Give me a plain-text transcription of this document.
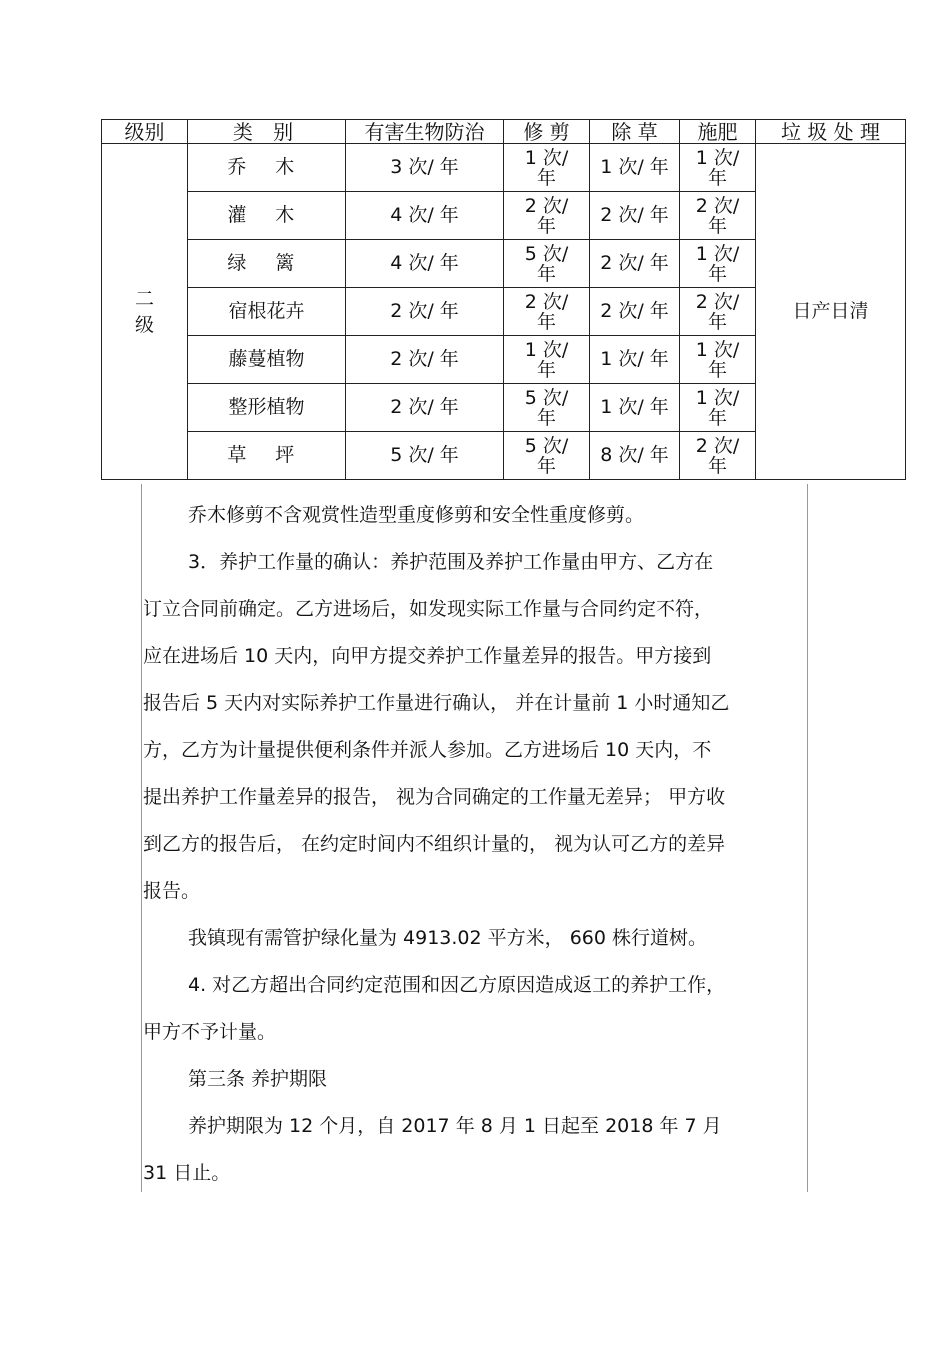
级别	类 别	有害生物防治	修 剪	除 草	施肥	垃 圾 处 理

二级	乔 木	3 次/ 年	1 次/ 年	1 次/ 年	1 次/ 年	日产日清
	灌 木	4 次/ 年	2 次/ 年	2 次/ 年	2 次/ 年	

	绿 篱	4 次/ 年	5 次/ 年	2 次/ 年	1 次/ 年	

	宿根花卉	2 次/ 年	2 次/ 年	2 次/ 年	2 次/ 年	

	藤蔓植物	2 次/ 年	1 次/ 年	1 次/ 年	1 次/ 年	

	整形植物	2 次/ 年	5 次/ 年	1 次/ 年	1 次/ 年	

	草 坪	5 次/ 年	5 次/ 年	8 次/ 年	2 次/ 年	

乔木修剪不含观赏性造型重度修剪和安全性重度修剪。

3．养护工作量的确认：养护范围及养护工作量由甲方、乙方在
订立合同前确定。乙方进场后，如发现实际工作量与合同约定不符，
应在进场后 10 天内，向甲方提交养护工作量差异的报告。甲方接到
报告后 5 天内对实际养护工作量进行确认， 并在计量前 1 小时通知乙
方，乙方为计量提供便利条件并派人参加。乙方进场后 10 天内，不
提出养护工作量差异的报告， 视为合同确定的工作量无差异； 甲方收
到乙方的报告后， 在约定时间内不组织计量的， 视为认可乙方的差异
报告。

我镇现有需管护绿化量为 4913.02 平方米， 660 株行道树。

4. 对乙方超出合同约定范围和因乙方原因造成返工的养护工作，
甲方不予计量。

第三条 养护期限

养护期限为 12 个月，自 2017 年 8 月 1 日起至 2018 年 7 月
31 日止。
